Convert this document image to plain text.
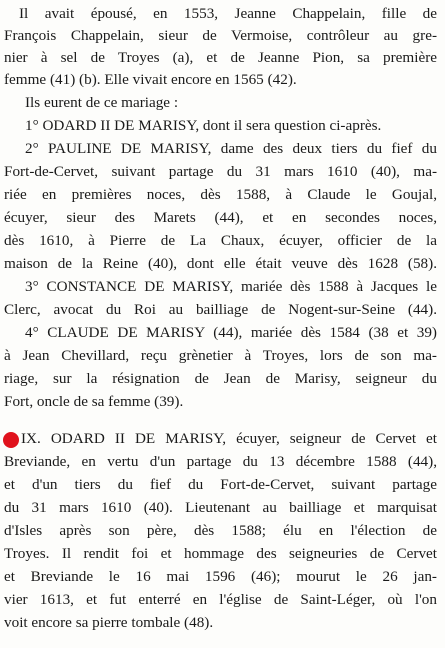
Il avait épousé, en 1553, Jeanne Chappelain, fille de
François Chappelain, sieur de Vermoise, contrôleur au gre-
nier à sel de Troyes (a), et de Jeanne Pion, sa première
femme (41) (b). Elle vivait encore en 1565 (42).
Ils eurent de ce mariage :
1° ODARD II DE MARISY, dont il sera question ci-après.
2° PAULINE DE MARISY, dame des deux tiers du fief du
Fort-de-Cervet, suivant partage du 31 mars 1610 (40), ma-
riée en premières noces, dès 1588, à Claude le Goujal,
écuyer, sieur des Marets (44), et en secondes noces,
dès 1610, à Pierre de La Chaux, écuyer, officier de la
maison de la Reine (40), dont elle était veuve dès 1628 (58).
3° CONSTANCE DE MARISY, mariée dès 1588 à Jacques le
Clerc, avocat du Roi au bailliage de Nogent-sur-Seine (44).
4° CLAUDE DE MARISY (44), mariée dès 1584 (38 et 39)
à Jean Chevillard, reçu grènetier à Troyes, lors de son ma-
riage, sur la résignation de Jean de Marisy, seigneur du
Fort, oncle de sa femme (39).
IX. ODARD II DE MARISY, écuyer, seigneur de Cervet et
Breviande, en vertu d'un partage du 13 décembre 1588 (44),
et d'un tiers du fief du Fort-de-Cervet, suivant partage
du 31 mars 1610 (40). Lieutenant au bailliage et marquisat
d'Isles après son père, dès 1588; élu en l'élection de
Troyes. Il rendit foi et hommage des seigneuries de Cervet
et Breviande le 16 mai 1596 (46); mourut le 26 jan-
vier 1613, et fut enterré en l'église de Saint-Léger, où l'on
voit encore sa pierre tombale (48).
